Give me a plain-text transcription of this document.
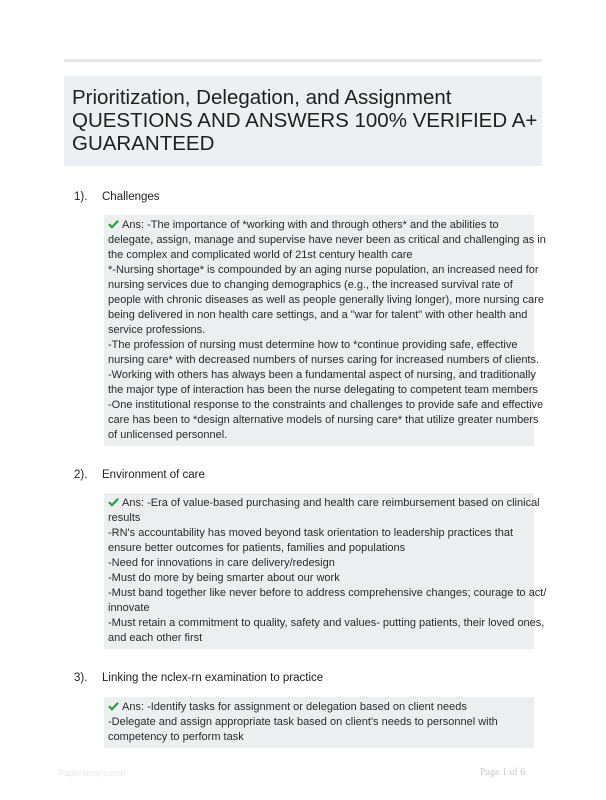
Prioritization, Delegation, and Assignment
QUESTIONS AND ANSWERS 100% VERIFIED A+
GUARANTEED
1). Challenges
Ans: -The importance of *working with and through others* and the abilities to
delegate, assign, manage and supervise have never been as critical and challenging as in
the complex and complicated world of 21st century health care
*-Nursing shortage* is compounded by an aging nurse population, an increased need for
nursing services due to changing demographics (e.g., the increased survival rate of
people with chronic diseases as well as people generally living longer), more nursing care
being delivered in non health care settings, and a "war for talent" with other health and
service professions.
-The profession of nursing must determine how to *continue providing safe, effective
nursing care* with decreased numbers of nurses caring for increased numbers of clients.
-Working with others has always been a fundamental aspect of nursing, and traditionally
the major type of interaction has been the nurse delegating to competent team members
-One institutional response to the constraints and challenges to provide safe and effective
care has been to *design alternative models of nursing care* that utilize greater numbers
of unlicensed personnel.
2). Environment of care
Ans: -Era of value-based purchasing and health care reimbursement based on clinical
results
-RN's accountability has moved beyond task orientation to leadership practices that
ensure better outcomes for patients, families and populations
-Need for innovations in care delivery/redesign
-Must do more by being smarter about our work
-Must band together like never before to address comprehensive changes; courage to act/
innovate
-Must retain a commitment to quality, safety and values- putting patients, their loved ones,
and each other first
3). Linking the nclex-rn examination to practice
Ans: -Identify tasks for assignment or delegation based on client needs
-Delegate and assign appropriate task based on client's needs to personnel with
competency to perform task
Paperlibrary.com	Page 1 of 6
